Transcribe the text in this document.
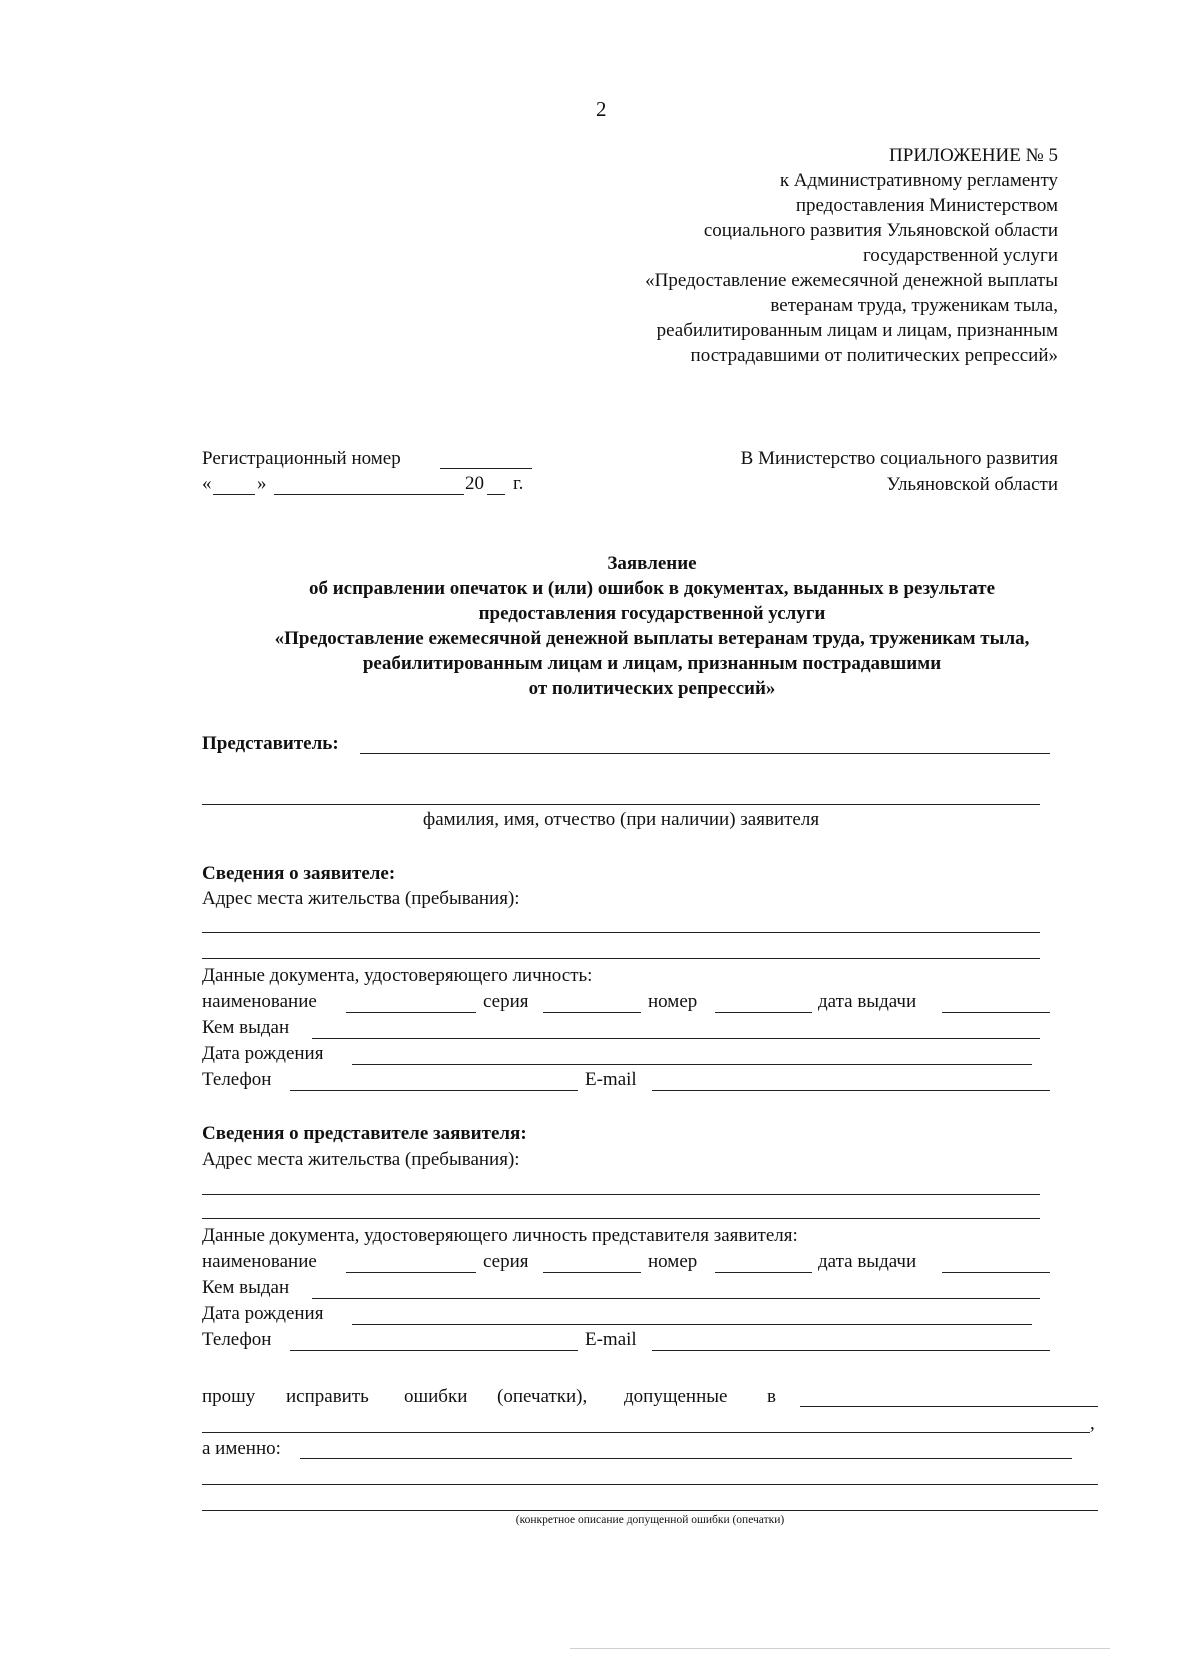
2
ПРИЛОЖЕНИЕ № 5
к Административному регламенту
предоставления Министерством
социального развития Ульяновской области
государственной услуги
«Предоставление ежемесячной денежной выплаты
ветеранам труда, труженикам тыла,
реабилитированным лицам и лицам, признанным
пострадавшими от политических репрессий»
Регистрационный номер
« »	20 г.
В Министерство социального развития
Ульяновской области
Заявление
об исправлении опечаток и (или) ошибок в документах, выданных в результате
предоставления государственной услуги
«Предоставление ежемесячной денежной выплаты ветеранам труда, труженикам тыла,
реабилитированным лицам и лицам, признанным пострадавшими
от политических репрессий»
Представитель:
фамилия, имя, отчество (при наличии) заявителя
Сведения о заявителе:
Адрес места жительства (пребывания):
Данные документа, удостоверяющего личность:
наименование	серия	номер	дата выдачи
Кем выдан
Дата рождения
Телефон	E-mail
Сведения о представителе заявителя:
Адрес места жительства (пребывания):
Данные документа, удостоверяющего личность представителя заявителя:
наименование	серия	номер	дата выдачи
Кем выдан
Дата рождения
Телефон	E-mail
прошу исправить ошибки (опечатки), допущенные в
,
а именно:
(конкретное описание допущенной ошибки (опечатки)
